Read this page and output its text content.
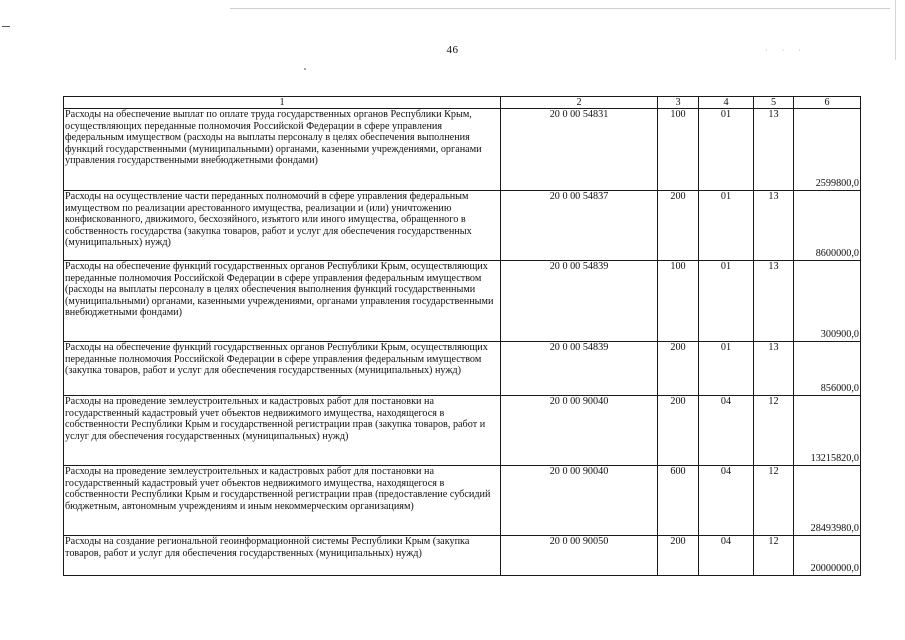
· · ·
46
1	2	3	4	5	6
Расходы на обеспечение выплат по оплате труда государственных органов Республики Крым, осуществляющих переданные полномочия Российской Федерации в сфере управления федеральным имуществом (расходы на выплаты персоналу в целях обеспечения выполнения функций государственными (муниципальными) органами, казенными учреждениями, органами управления государственными внебюджетными фондами)	20 0 00 54831	100	01	13	2599800,0
Расходы на осуществление части переданных полномочий в сфере управления федеральным имуществом по реализации арестованного имущества, реализации и (или) уничтожению конфискованного, движимого, бесхозяйного, изъятого или иного имущества, обращенного в собственность государства (закупка товаров, работ и услуг для обеспечения государственных (муниципальных) нужд)	20 0 00 54837	200	01	13	8600000,0
Расходы на обеспечение функций государственных органов Республики Крым, осуществляющих переданные полномочия Российской Федерации в сфере управления федеральным имуществом (расходы на выплаты персоналу в целях обеспечения выполнения функций государственными (муниципальными) органами, казенными учреждениями, органами управления государственными внебюджетными фондами)	20 0 00 54839	100	01	13	300900,0
Расходы на обеспечение функций государственных органов Республики Крым, осуществляющих переданные полномочия Российской Федерации в сфере управления федеральным имуществом (закупка товаров, работ и услуг для обеспечения государственных (муниципальных) нужд)	20 0 00 54839	200	01	13	856000,0
Расходы на проведение землеустроительных и кадастровых работ для постановки на государственный кадастровый учет объектов недвижимого имущества, находящегося в собственности Республики Крым и государственной регистрации прав (закупка товаров, работ и услуг для обеспечения государственных (муниципальных) нужд)	20 0 00 90040	200	04	12	13215820,0
Расходы на проведение землеустроительных и кадастровых работ для постановки на государственный кадастровый учет объектов недвижимого имущества, находящегося в собственности Республики Крым и государственной регистрации прав (предоставление субсидий бюджетным, автономным учреждениям и иным некоммерческим организациям)	20 0 00 90040	600	04	12	28493980,0
Расходы на создание региональной геоинформационной системы Республики Крым (закупка товаров, работ и услуг для обеспечения государственных (муниципальных) нужд)	20 0 00 90050	200	04	12	20000000,0
